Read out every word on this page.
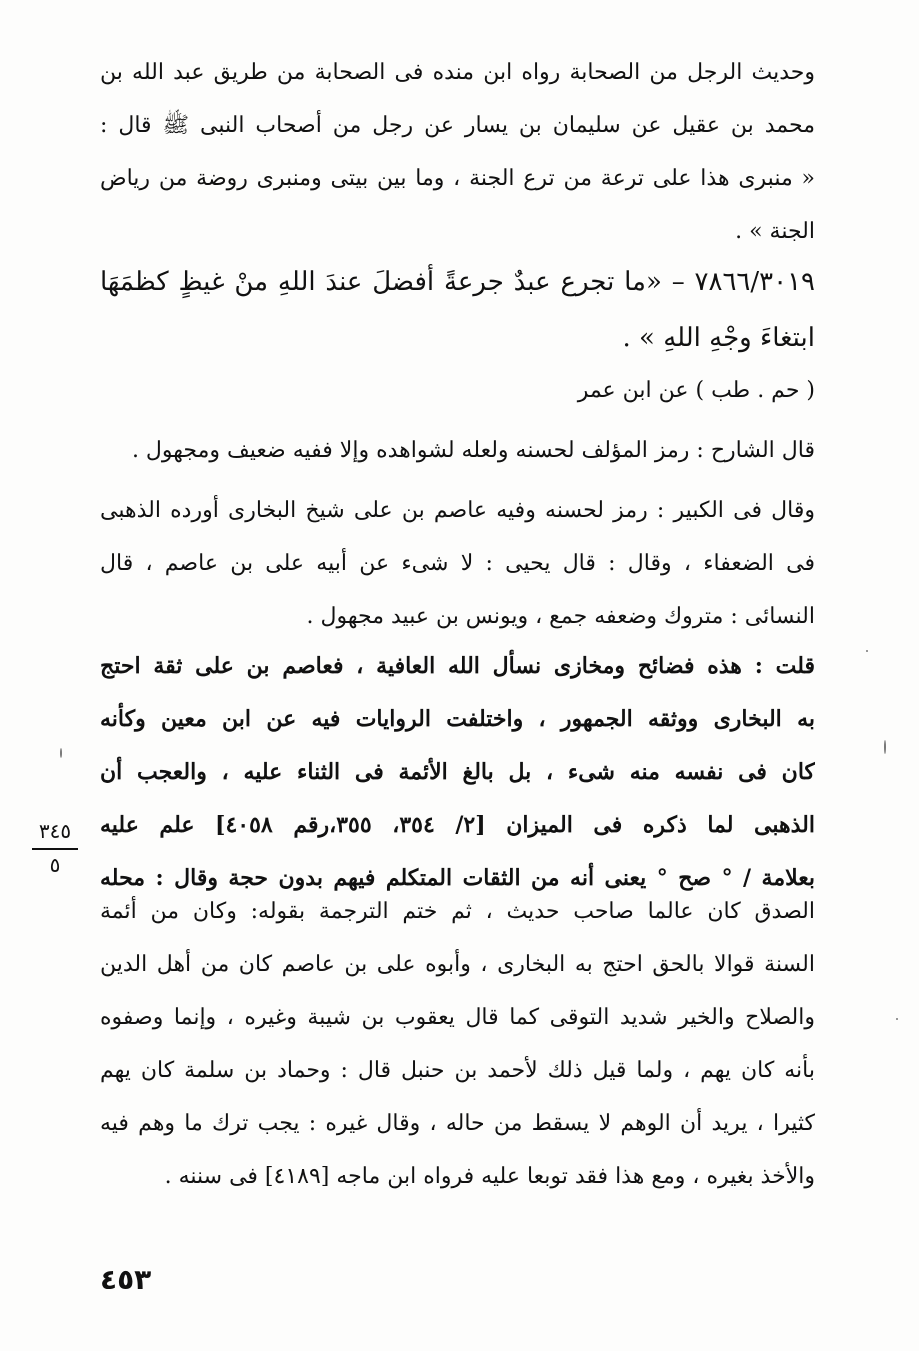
وحديث الرجل من الصحابة رواه ابن منده فى الصحابة من طريق عبد الله بن
محمد بن عقيل عن سليمان بن يسار عن رجل من أصحاب النبى ﷺ قال :
« منبرى هذا على ترعة من ترع الجنة ، وما بين بيتى ومنبرى روضة من رياض
الجنة » .
٧٨٦٦/٣٠١٩ – «ما تجرع عبدٌ جرعةً أفضلَ عندَ اللهِ منْ غيظٍ كظمَهَا
ابتغاءَ وجْهِ اللهِ » .
( حم . طب ) عن ابن عمر
قال الشارح : رمز المؤلف لحسنه ولعله لشواهده وإلا ففيه ضعيف ومجهول .
وقال فى الكبير : رمز لحسنه وفيه عاصم بن على شيخ البخارى أورده الذهبى
فى الضعفاء ، وقال : قال يحيى : لا شىء عن أبيه على بن عاصم ، قال
النسائى : متروك وضعفه جمع ، ويونس بن عبيد مجهول .
قلت : هذه فضائح ومخازى نسأل الله العافية ، فعاصم بن على ثقة احتج
به البخارى ووثقه الجمهور ، واختلفت الروايات فيه عن ابن معين وكأنه
كان فى نفسه منه شىء ، بل بالغ الأئمة فى الثناء عليه ، والعجب أن
الذهبى لما ذكره فى الميزان [٢/ ٣٥٤، ٣٥٥،رقم ٤٠٥٨] علم عليه
بعلامة / ° صح ° يعنى أنه من الثقات المتكلم فيهم بدون حجة وقال : محله
الصدق كان عالما صاحب حديث ، ثم ختم الترجمة بقوله: وكان من أئمة
السنة قوالا بالحق احتج به البخارى ، وأبوه على بن عاصم كان من أهل الدين
والصلاح والخير شديد التوقى كما قال يعقوب بن شيبة وغيره ، وإنما وصفوه
بأنه كان يهم ، ولما قيل ذلك لأحمد بن حنبل قال : وحماد بن سلمة كان يهم
كثيرا ، يريد أن الوهم لا يسقط من حاله ، وقال غيره : يجب ترك ما وهم فيه
والأخذ بغيره ، ومع هذا فقد توبعا عليه فرواه ابن ماجه [٤١٨٩] فى سننه .
٣٤٥
٥
٤٥٣
